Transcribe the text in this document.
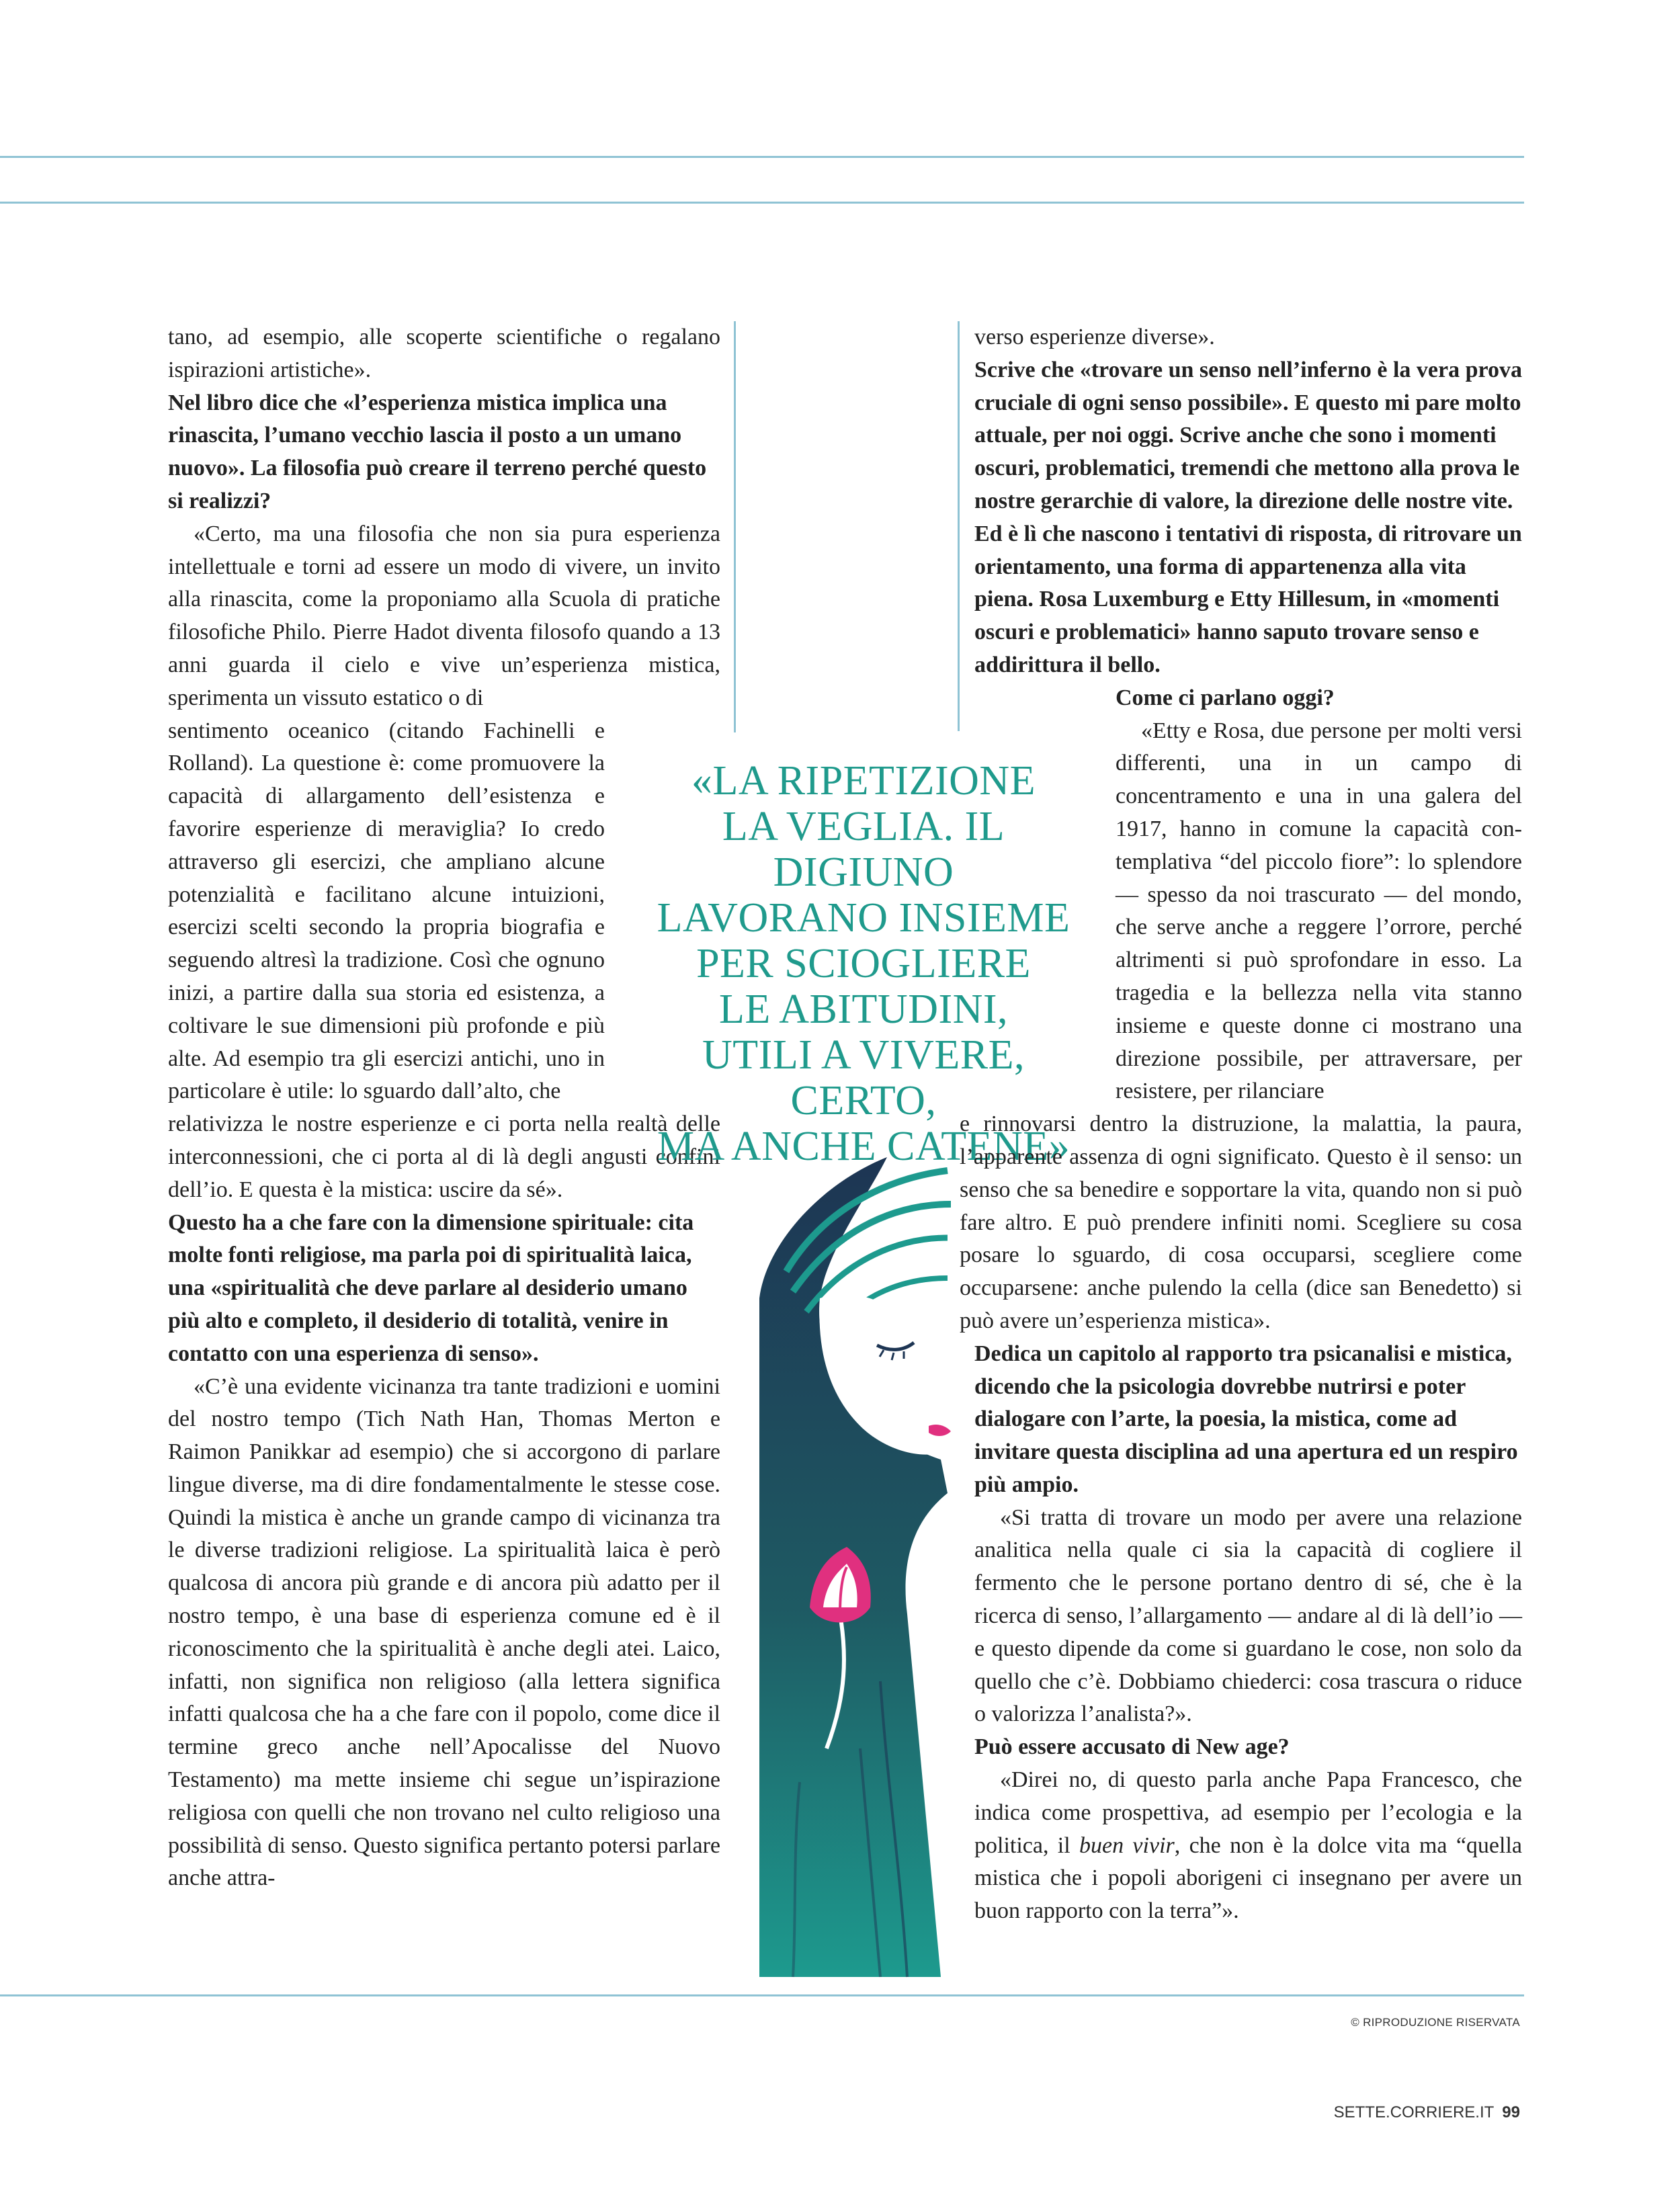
tano, ad esempio, alle scoperte scientifiche o regalano ispirazioni artistiche».

Nel libro dice che «l’esperienza mistica implica una rinascita, l’umano vecchio lascia il posto a un umano nuovo». La filosofia può creare il terreno perché questo si realizzi?

«Certo, ma una filosofia che non sia pura esperienza intellettuale e torni ad essere un modo di vivere, un invito alla rinascita, come la proponiamo alla Scuola di pratiche filosofiche Philo. Pierre Hadot diventa filosofo quando a 13 anni guarda il cielo e vive un’esperienza mistica, sperimenta un vissuto estatico o di

sentimento oceanico (citando Fachinelli e Rolland). La questione è: come promuovere la capacità di allargamento dell’esistenza e favorire esperienze di meraviglia? Io credo attraverso gli esercizi, che ampliano alcune potenzialità e facilitano alcune intuizioni, esercizi scelti secondo la propria biografia e seguendo altresì la tradizione. Così che ognuno inizi, a partire dalla sua storia ed esistenza, a coltivare le sue dimensioni più profonde e più alte. Ad esempio tra gli esercizi antichi, uno in particolare è utile: lo sguardo dall’alto, che

relativizza le nostre esperienze e ci porta nella realtà delle interconnessioni, che ci porta al di là degli angusti confini dell’io. E questa è la mistica: uscire da sé».

Questo ha a che fare con la dimensione spirituale: cita molte fonti religiose, ma parla poi di spiritualità laica, una «spiritualità che deve parlare al desiderio umano più alto e completo, il desiderio di totalità, venire in contatto con una esperienza di senso».

«C’è una evidente vicinanza tra tante tradizioni e uomini del nostro tempo (Tich Nath Han, Thomas Merton e Raimon Panikkar ad esempio) che si accorgono di parlare lingue diverse, ma di dire fondamentalmente le stesse cose. Quindi la mistica è anche un grande campo di vicinanza tra le diverse tradizioni religiose. La spiritualità laica è però qualcosa di ancora più grande e di ancora più adatto per il nostro tempo, è una base di esperienza comune ed è il riconoscimento che la spiritualità è anche degli atei. Laico, infatti, non significa non religioso (alla lettera significa infatti qualcosa che ha a che fare con il popolo, come dice il termine greco anche nell’Apocalisse del Nuovo Testamento) ma mette insieme chi segue un’ispirazione religiosa con quelli che non trovano nel culto religioso una possibilità di senso. Questo significa pertanto potersi parlare anche attra-

«LA RIPETIZIONE
LA VEGLIA. IL DIGIUNO
LAVORANO INSIEME
PER SCIOGLIERE
LE ABITUDINI,
UTILI A VIVERE, CERTO,
MA ANCHE CATENE»

verso esperienze diverse».

Scrive che «trovare un senso nell’inferno è la vera prova cruciale di ogni senso possibile». E questo mi pare molto attuale, per noi oggi. Scrive anche che sono i momenti oscuri, problematici, tremendi che mettono alla prova le nostre gerarchie di valore, la direzione delle nostre vite. Ed è lì che nascono i tentativi di risposta, di ritrovare un orientamento, una forma di appartenenza alla vita piena. Rosa Luxemburg e Etty Hillesum, in «momenti oscuri e problematici» hanno saputo trovare senso e addirittura il bello.

Come ci parlano oggi?

«Etty e Rosa, due persone per molti versi differenti, una in un campo di concentramento e una in una galera del 1917, hanno in comune la capacità contemplativa “del piccolo fiore”: lo splendore — spesso da noi trascurato — del mondo, che serve anche a reggere l’orrore, perché altrimenti si può sprofondare in esso. La tragedia e la bellezza nella vita stanno insieme e queste donne ci mostrano una direzione possibile, per attraversare, per resistere, per rilanciare

e rinnovarsi dentro la distruzione, la malattia, la paura, l’apparente assenza di ogni significato. Questo è il senso: un senso che sa benedire e sopportare la vita, quando non si può fare altro. E può prendere infiniti nomi. Scegliere su cosa posare lo sguardo, di cosa occuparsi, scegliere come occuparsene: anche pulendo la cella (dice san Benedetto) si può avere un’esperienza mistica».

Dedica un capitolo al rapporto tra psicanalisi e mistica, dicendo che la psicologia dovrebbe nutrirsi e poter dialogare con l’arte, la poesia, la mistica, come ad invitare questa disciplina ad una apertura ed un respiro più ampio.

«Si tratta di trovare un modo per avere una relazione analitica nella quale ci sia la capacità di cogliere il fermento che le persone portano dentro di sé, che è la ricerca di senso, l’allargamento — andare al di là dell’io — e questo dipende da come si guardano le cose, non solo da quello che c’è. Dobbiamo chiederci: cosa trascura o riduce o valorizza l’analista?».

Può essere accusato di New age?

«Direi no, di questo parla anche Papa Francesco, che indica come prospettiva, ad esempio per l’ecologia e la politica, il buen vivir, che non è la dolce vita ma “quella mistica che i popoli aborigeni ci insegnano per avere un buon rapporto con la terra”».

© RIPRODUZIONE RISERVATA
SETTE.CORRIERE.IT 99
